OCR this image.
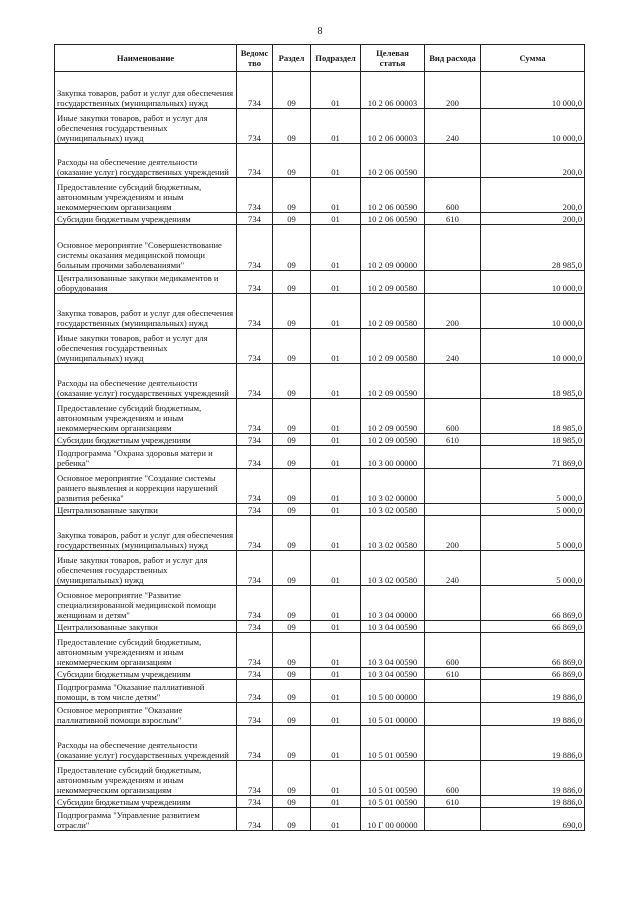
8
Наименование	Ведомс тво	Раздел	Подраздел	Целевая статья	Вид расхода	Сумма
Закупка товаров, работ и услуг для обеспечения государственных (муниципальных) нужд	734	09	01	10 2 06 00003	200	10 000,0
Иные закупки товаров, работ и услуг для обеспечения государственных (муниципальных) нужд	734	09	01	10 2 06 00003	240	10 000,0
Расходы на обеспечение деятельности (оказание услуг) государственных учреждений	734	09	01	10 2 06 00590		200,0
Предоставление субсидий бюджетным, автономным учреждениям и иным некоммерческим организациям	734	09	01	10 2 06 00590	600	200,0
Субсидии бюджетным учреждениям	734	09	01	10 2 06 00590	610	200,0
Основное мероприятие "Совершенствование системы оказания медицинской помощи больным прочими заболеваниями"	734	09	01	10 2 09 00000		28 985,0
Централизованные закупки медикаментов и оборудования	734	09	01	10 2 09 00580		10 000,0
Закупка товаров, работ и услуг для обеспечения государственных (муниципальных) нужд	734	09	01	10 2 09 00580	200	10 000,0
Иные закупки товаров, работ и услуг для обеспечения государственных (муниципальных) нужд	734	09	01	10 2 09 00580	240	10 000,0
Расходы на обеспечение деятельности (оказание услуг) государственных учреждений	734	09	01	10 2 09 00590		18 985,0
Предоставление субсидий бюджетным, автономным учреждениям и иным некоммерческим организациям	734	09	01	10 2 09 00590	600	18 985,0
Субсидии бюджетным учреждениям	734	09	01	10 2 09 00590	610	18 985,0
Подпрограмма "Охрана здоровья матери и ребенка"	734	09	01	10 3 00 00000		71 869,0
Основное мероприятие "Создание системы раннего выявления и коррекции нарушений развития ребенка"	734	09	01	10 3 02 00000		5 000,0
Централизованные закупки	734	09	01	10 3 02 00580		5 000,0
Закупка товаров, работ и услуг для обеспечения государственных (муниципальных) нужд	734	09	01	10 3 02 00580	200	5 000,0
Иные закупки товаров, работ и услуг для обеспечения государственных (муниципальных) нужд	734	09	01	10 3 02 00580	240	5 000,0
Основное мероприятие "Развитие специализированной медицинской помощи женщинам и детям"	734	09	01	10 3 04 00000		66 869,0
Централизованные закупки	734	09	01	10 3 04 00590		66 869,0
Предоставление субсидий бюджетным, автономным учреждениям и иным некоммерческим организациям	734	09	01	10 3 04 00590	600	66 869,0
Субсидии бюджетным учреждениям	734	09	01	10 3 04 00590	610	66 869,0
Подпрограмма "Оказание паллиативной помощи, в том числе детям"	734	09	01	10 5 00 00000		19 886,0
Основное мероприятие "Оказание паллиативной помощи взрослым"	734	09	01	10 5 01 00000		19 886,0
Расходы на обеспечение деятельности (оказание услуг) государственных учреждений	734	09	01	10 5 01 00590		19 886,0
Предоставление субсидий бюджетным, автономным учреждениям и иным некоммерческим организациям	734	09	01	10 5 01 00590	600	19 886,0
Субсидии бюджетным учреждениям	734	09	01	10 5 01 00590	610	19 886,0
Подпрограмма "Управление развитием отрасли"	734	09	01	10 Г 00 00000		690,0
